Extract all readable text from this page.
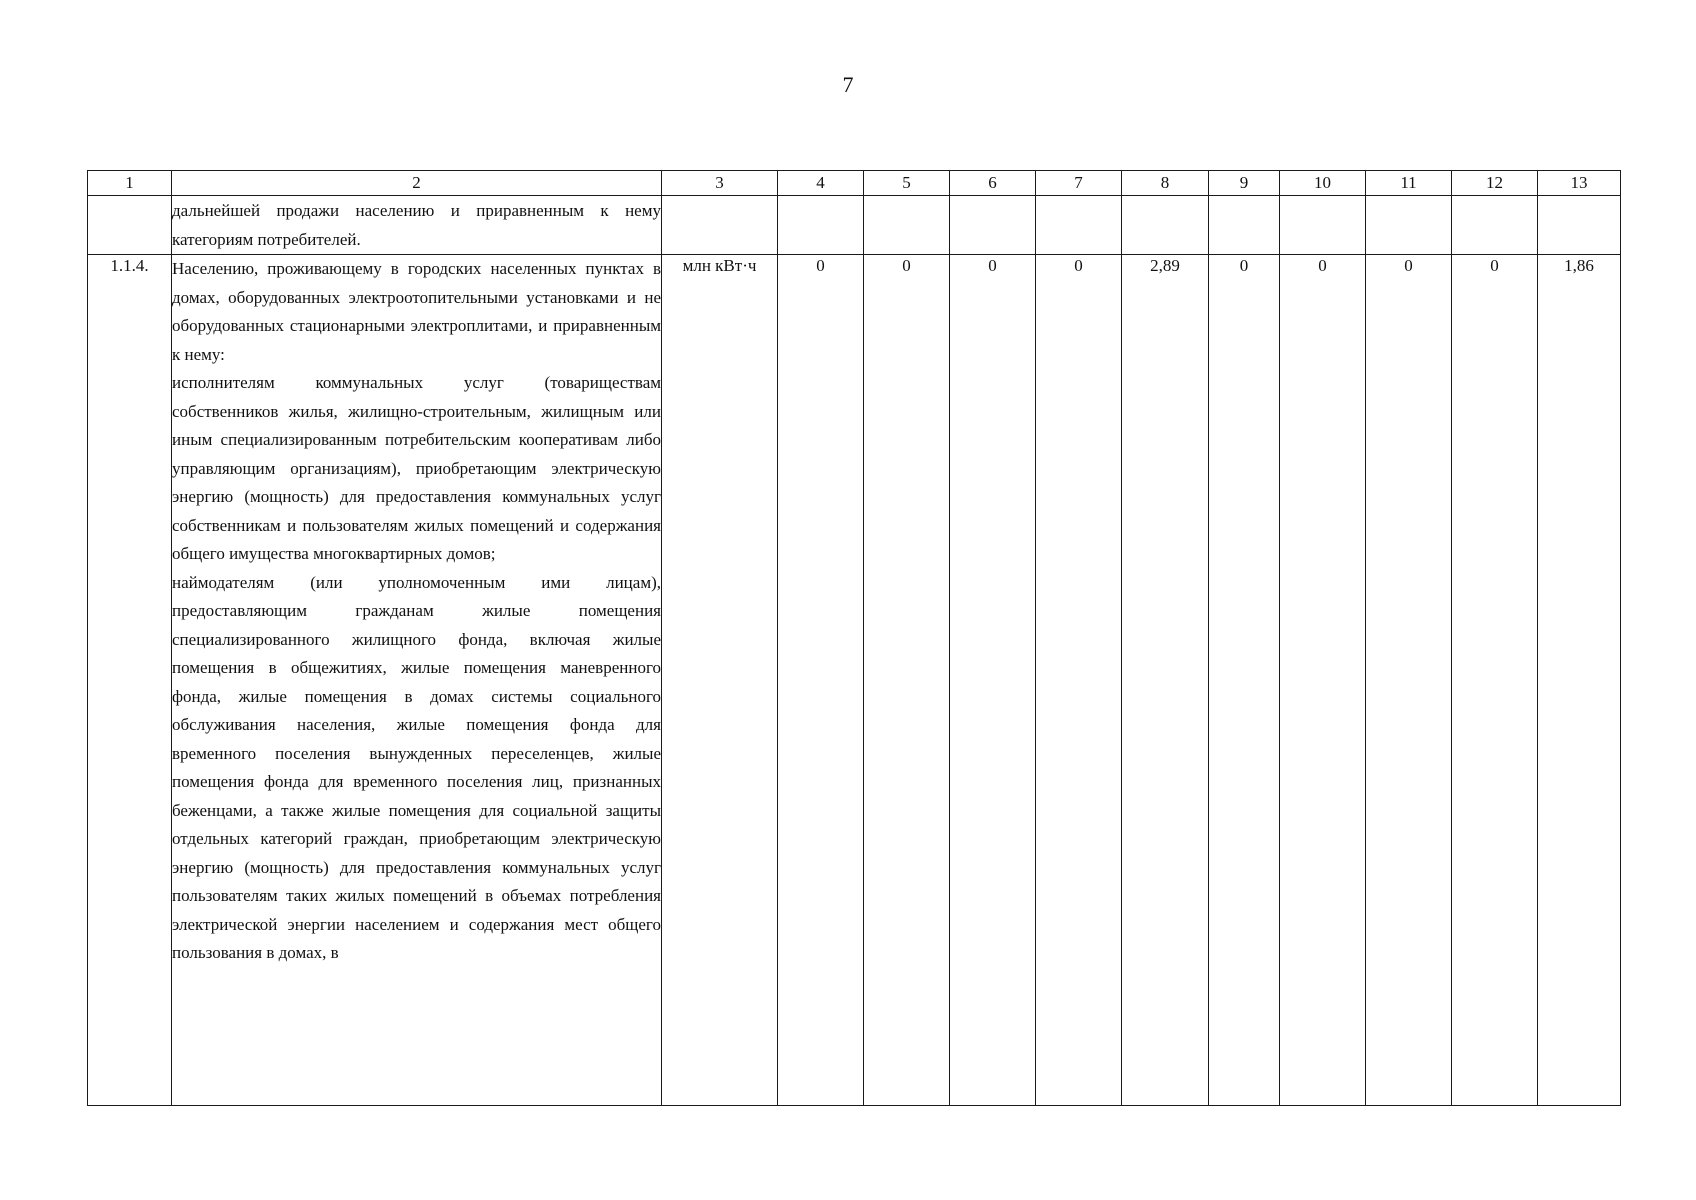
7
1	2	3	4	5	6	7	8	9	10	11	12	13

	дальнейшей продажи населению и приравненным к нему категориям потребителей.											

1.1.4.	Населению, проживающему в городских населенных пунктах в домах, оборудованных электроотопительными установками и не оборудованных стационарными электроплитами, и приравненным к нему:
исполнителям коммунальных услуг (товариществам собственников жилья, жилищно-строительным, жилищным или иным специализированным потребительским кооперативам либо управляющим организациям), приобретающим электрическую энергию (мощность) для предоставления коммунальных услуг собственникам и пользователям жилых помещений и содержания общего имущества многоквартирных домов;
наймодателям (или уполномоченным ими лицам), предоставляющим гражданам жилые помещения специализированного жилищного фонда, включая жилые помещения в общежитиях, жилые помещения маневренного фонда, жилые помещения в домах системы социального обслуживания населения, жилые помещения фонда для временного поселения вынужденных переселенцев, жилые помещения фонда для временного поселения лиц, признанных беженцами, а также жилые помещения для социальной защиты отдельных категорий граждан, приобретающим электрическую энергию (мощность) для предоставления коммунальных услуг пользователям таких жилых помещений в объемах потребления электрической энергии населением и содержания мест общего пользования в домах, в	млн кВт·ч	0	0	0	0	2,89	0	0	0	0	1,86
